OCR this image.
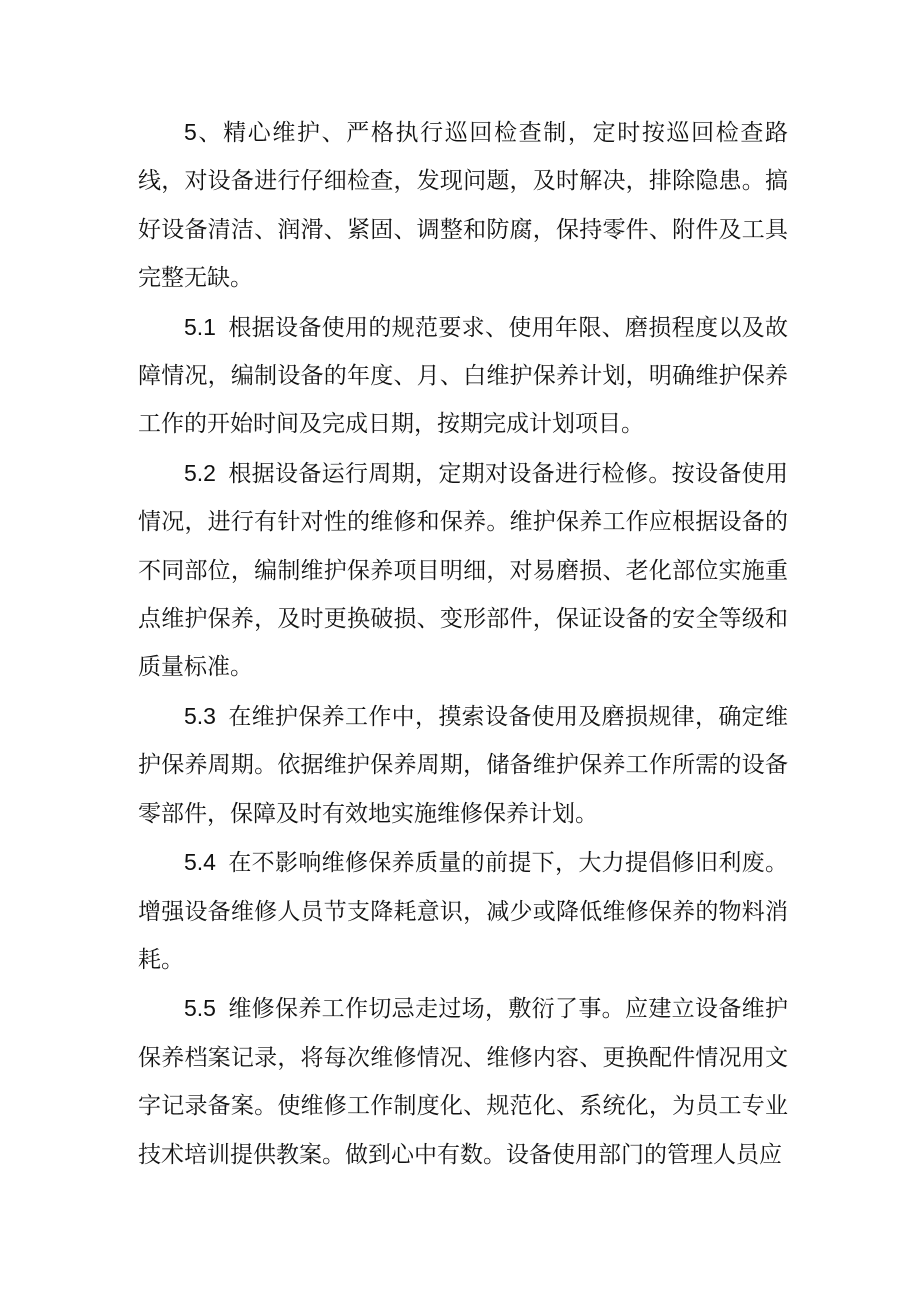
5、精心维护、严格执行巡回检查制，定时按巡回检查路线，对设备进行仔细检查，发现问题，及时解决，排除隐患。搞好设备清洁、润滑、紧固、调整和防腐，保持零件、附件及工具完整无缺。

5.1 根据设备使用的规范要求、使用年限、磨损程度以及故障情况，编制设备的年度、月、白维护保养计划，明确维护保养工作的开始时间及完成日期，按期完成计划项目。

5.2 根据设备运行周期，定期对设备进行检修。按设备使用情况，进行有针对性的维修和保养。维护保养工作应根据设备的不同部位，编制维护保养项目明细，对易磨损、老化部位实施重点维护保养，及时更换破损、变形部件，保证设备的安全等级和质量标准。

5.3 在维护保养工作中，摸索设备使用及磨损规律，确定维护保养周期。依据维护保养周期，储备维护保养工作所需的设备零部件，保障及时有效地实施维修保养计划。

5.4 在不影响维修保养质量的前提下，大力提倡修旧利废。增强设备维修人员节支降耗意识，减少或降低维修保养的物料消耗。

5.5 维修保养工作切忌走过场，敷衍了事。应建立设备维护保养档案记录，将每次维修情况、维修内容、更换配件情况用文字记录备案。使维修工作制度化、规范化、系统化，为员工专业技术培训提供教案。做到心中有数。设备使用部门的管理人员应
